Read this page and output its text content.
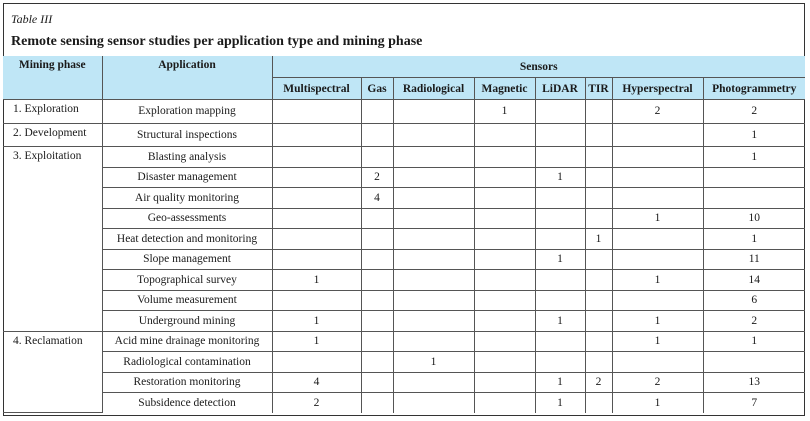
Table III
Remote sensing sensor studies per application type and mining phase
Mining phase	Application	Sensors							
		Multispectral	Gas	Radiological	Magnetic	LiDAR	TIR	Hyperspectral	Photogrammetry
1. Exploration	Exploration mapping				1			2	2
2. Development	Structural inspections								1
3. Exploitation	Blasting analysis								1
	Disaster management		2			1			
	Air quality monitoring		4						
	Geo-assessments							1	10
	Heat detection and monitoring						1		1
	Slope management					1			11
	Topographical survey	1						1	14
	Volume measurement								6
	Underground mining	1				1		1	2
4. Reclamation	Acid mine drainage monitoring	1						1	1
	Radiological contamination			1					
	Restoration monitoring	4				1	2	2	13
	Subsidence detection	2				1		1	7
